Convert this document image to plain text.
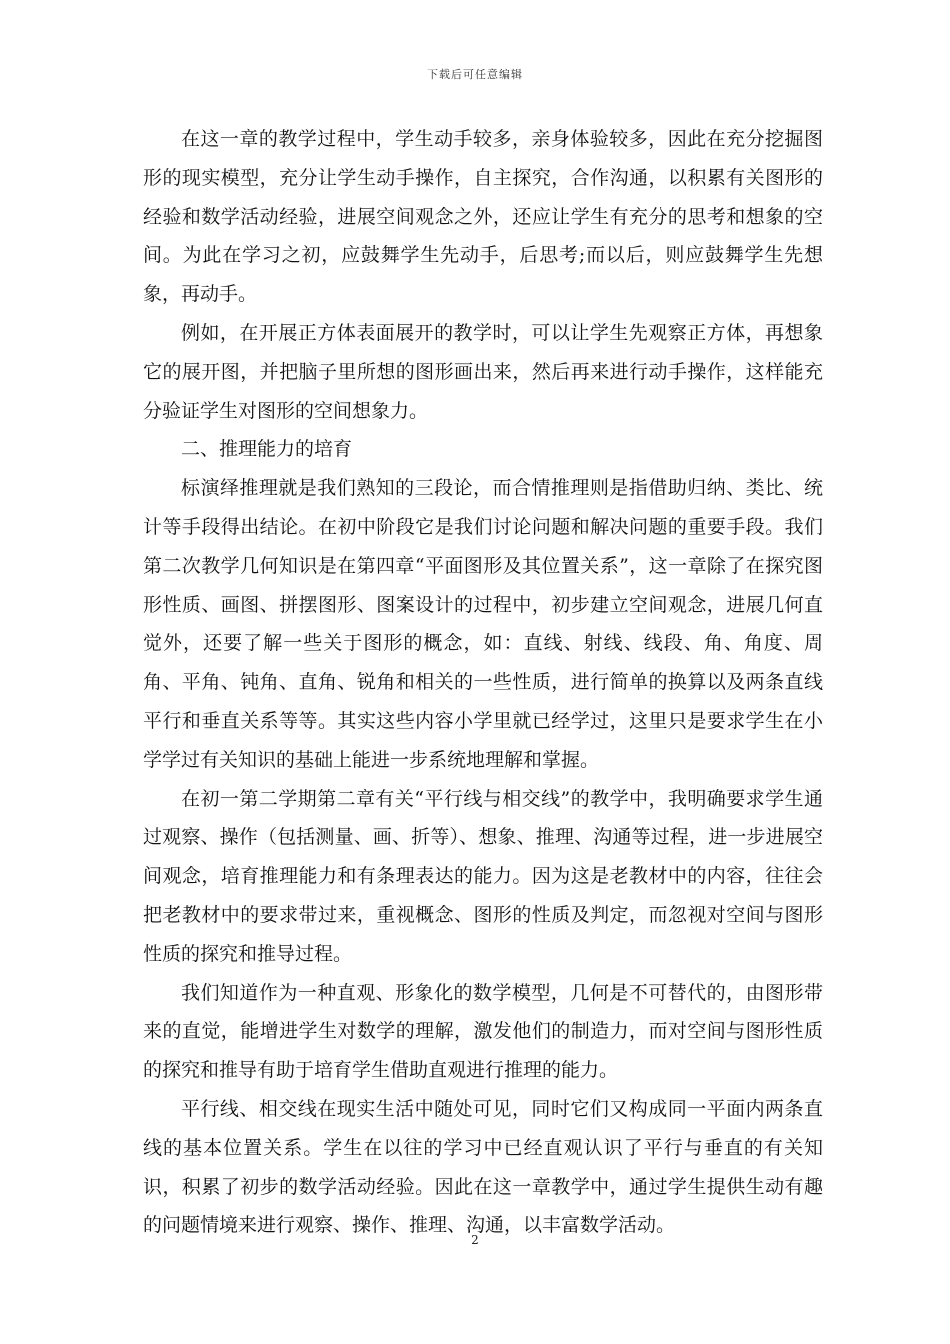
下载后可任意编辑

在这一章的教学过程中，学生动手较多，亲身体验较多，因此在充分挖掘图形的现实模型，充分让学生动手操作，自主探究，合作沟通，以积累有关图形的经验和数学活动经验，进展空间观念之外，还应让学生有充分的思考和想象的空间。为此在学习之初，应鼓舞学生先动手，后思考;而以后，则应鼓舞学生先想象，再动手。

例如，在开展正方体表面展开的教学时，可以让学生先观察正方体，再想象它的展开图，并把脑子里所想的图形画出来，然后再来进行动手操作，这样能充分验证学生对图形的空间想象力。

二、推理能力的培育

标演绎推理就是我们熟知的三段论，而合情推理则是指借助归纳、类比、统计等手段得出结论。在初中阶段它是我们讨论问题和解决问题的重要手段。我们第二次教学几何知识是在第四章“平面图形及其位置关系”，这一章除了在探究图形性质、画图、拼摆图形、图案设计的过程中，初步建立空间观念，进展几何直觉外，还要了解一些关于图形的概念，如：直线、射线、线段、角、角度、周角、平角、钝角、直角、锐角和相关的一些性质，进行简单的换算以及两条直线平行和垂直关系等等。其实这些内容小学里就已经学过，这里只是要求学生在小学学过有关知识的基础上能进一步系统地理解和掌握。

在初一第二学期第二章有关“平行线与相交线”的教学中，我明确要求学生通过观察、操作（包括测量、画、折等）、想象、推理、沟通等过程，进一步进展空间观念，培育推理能力和有条理表达的能力。因为这是老教材中的内容，往往会把老教材中的要求带过来，重视概念、图形的性质及判定，而忽视对空间与图形性质的探究和推导过程。

我们知道作为一种直观、形象化的数学模型，几何是不可替代的，由图形带来的直觉，能增进学生对数学的理解，激发他们的制造力，而对空间与图形性质的探究和推导有助于培育学生借助直观进行推理的能力。

平行线、相交线在现实生活中随处可见，同时它们又构成同一平面内两条直线的基本位置关系。学生在以往的学习中已经直观认识了平行与垂直的有关知识，积累了初步的数学活动经验。因此在这一章教学中，通过学生提供生动有趣的问题情境来进行观察、操作、推理、沟通，以丰富数学活动。

2
